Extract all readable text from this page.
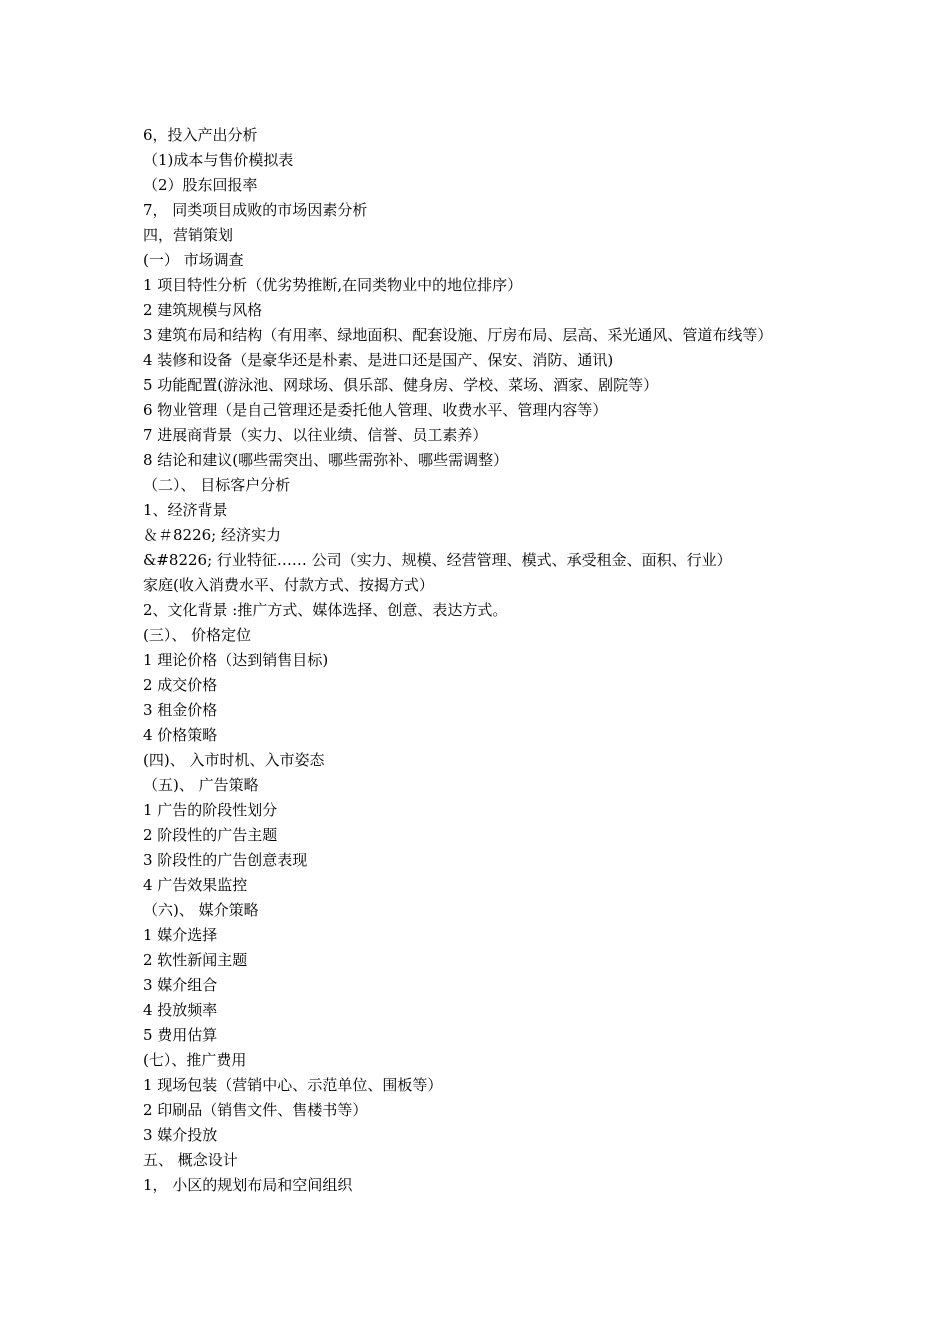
6，投入产出分析

（1)成本与售价模拟表

（2）股东回报率

7， 同类项目成败的市场因素分析

四，营销策划

(一） 市场调查

1 项目特性分析（优劣势推断,在同类物业中的地位排序）

2 建筑规模与风格

3 建筑布局和结构（有用率、绿地面积、配套设施、厅房布局、层高、采光通风、管道布线等）

4 装修和设备（是豪华还是朴素、是进口还是国产、保安、消防、通讯)

5 功能配置(游泳池、网球场、俱乐部、健身房、学校、菜场、酒家、剧院等）

6 物业管理（是自己管理还是委托他人管理、收费水平、管理内容等）

7 进展商背景（实力、以往业绩、信誉、员工素养）

8 结论和建议(哪些需突出、哪些需弥补、哪些需调整）

（二）、 目标客户分析

1、经济背景

＆＃8226; 经济实力

&#8226; 行业特征…… 公司（实力、规模、经营管理、模式、承受租金、面积、行业）

家庭(收入消费水平、付款方式、按揭方式）

2、文化背景 :推广方式、媒体选择、创意、表达方式。

(三）、 价格定位

1 理论价格（达到销售目标)

2 成交价格

3 租金价格

4 价格策略

(四)、 入市时机、入市姿态

（五)、 广告策略

1 广告的阶段性划分

2 阶段性的广告主题

3 阶段性的广告创意表现

4 广告效果监控

（六)、 媒介策略

1 媒介选择

2 软性新闻主题

3 媒介组合

4 投放频率

5 费用估算

(七）、推广费用

1 现场包装（营销中心、示范单位、围板等）

2 印刷品（销售文件、售楼书等）

3 媒介投放

五、 概念设计

1， 小区的规划布局和空间组织
